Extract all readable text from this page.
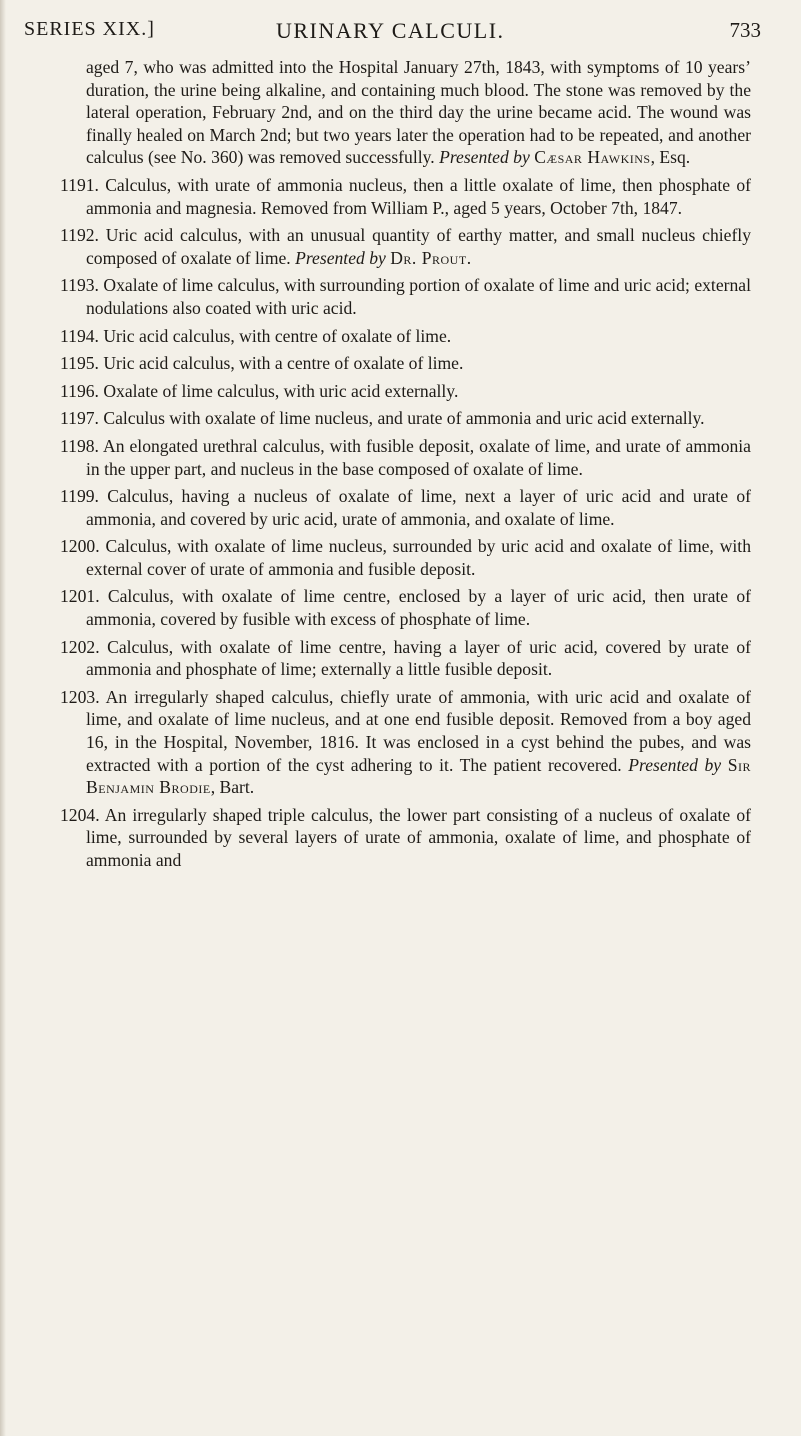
SERIES XIX.]	URINARY CALCULI.	733

aged 7, who was admitted into the Hospital January 27th, 1843, with symptoms of 10 years’ duration, the urine being alkaline, and containing much blood. The stone was removed by the lateral operation, February 2nd, and on the third day the urine became acid. The wound was finally healed on March 2nd; but two years later the operation had to be repeated, and another calculus (see No. 360) was removed successfully. Presented by Cæsar Hawkins, Esq.

1191. Calculus, with urate of ammonia nucleus, then a little oxalate of lime, then phosphate of ammonia and magnesia. Removed from William P., aged 5 years, October 7th, 1847.

1192. Uric acid calculus, with an unusual quantity of earthy matter, and small nucleus chiefly composed of oxalate of lime. Presented by Dr. Prout.

1193. Oxalate of lime calculus, with surrounding portion of oxalate of lime and uric acid; external nodulations also coated with uric acid.

1194. Uric acid calculus, with centre of oxalate of lime.

1195. Uric acid calculus, with a centre of oxalate of lime.

1196. Oxalate of lime calculus, with uric acid externally.

1197. Calculus with oxalate of lime nucleus, and urate of ammonia and uric acid externally.

1198. An elongated urethral calculus, with fusible deposit, oxalate of lime, and urate of ammonia in the upper part, and nucleus in the base composed of oxalate of lime.

1199. Calculus, having a nucleus of oxalate of lime, next a layer of uric acid and urate of ammonia, and covered by uric acid, urate of ammonia, and oxalate of lime.

1200. Calculus, with oxalate of lime nucleus, surrounded by uric acid and oxalate of lime, with external cover of urate of ammonia and fusible deposit.

1201. Calculus, with oxalate of lime centre, enclosed by a layer of uric acid, then urate of ammonia, covered by fusible with excess of phosphate of lime.

1202. Calculus, with oxalate of lime centre, having a layer of uric acid, covered by urate of ammonia and phosphate of lime; externally a little fusible deposit.

1203. An irregularly shaped calculus, chiefly urate of ammonia, with uric acid and oxalate of lime, and oxalate of lime nucleus, and at one end fusible deposit. Removed from a boy aged 16, in the Hospital, November, 1816. It was enclosed in a cyst behind the pubes, and was extracted with a portion of the cyst adhering to it. The patient recovered. Presented by Sir Benjamin Brodie, Bart.

1204. An irregularly shaped triple calculus, the lower part consisting of a nucleus of oxalate of lime, surrounded by several layers of urate of ammonia, oxalate of lime, and phosphate of ammonia and
